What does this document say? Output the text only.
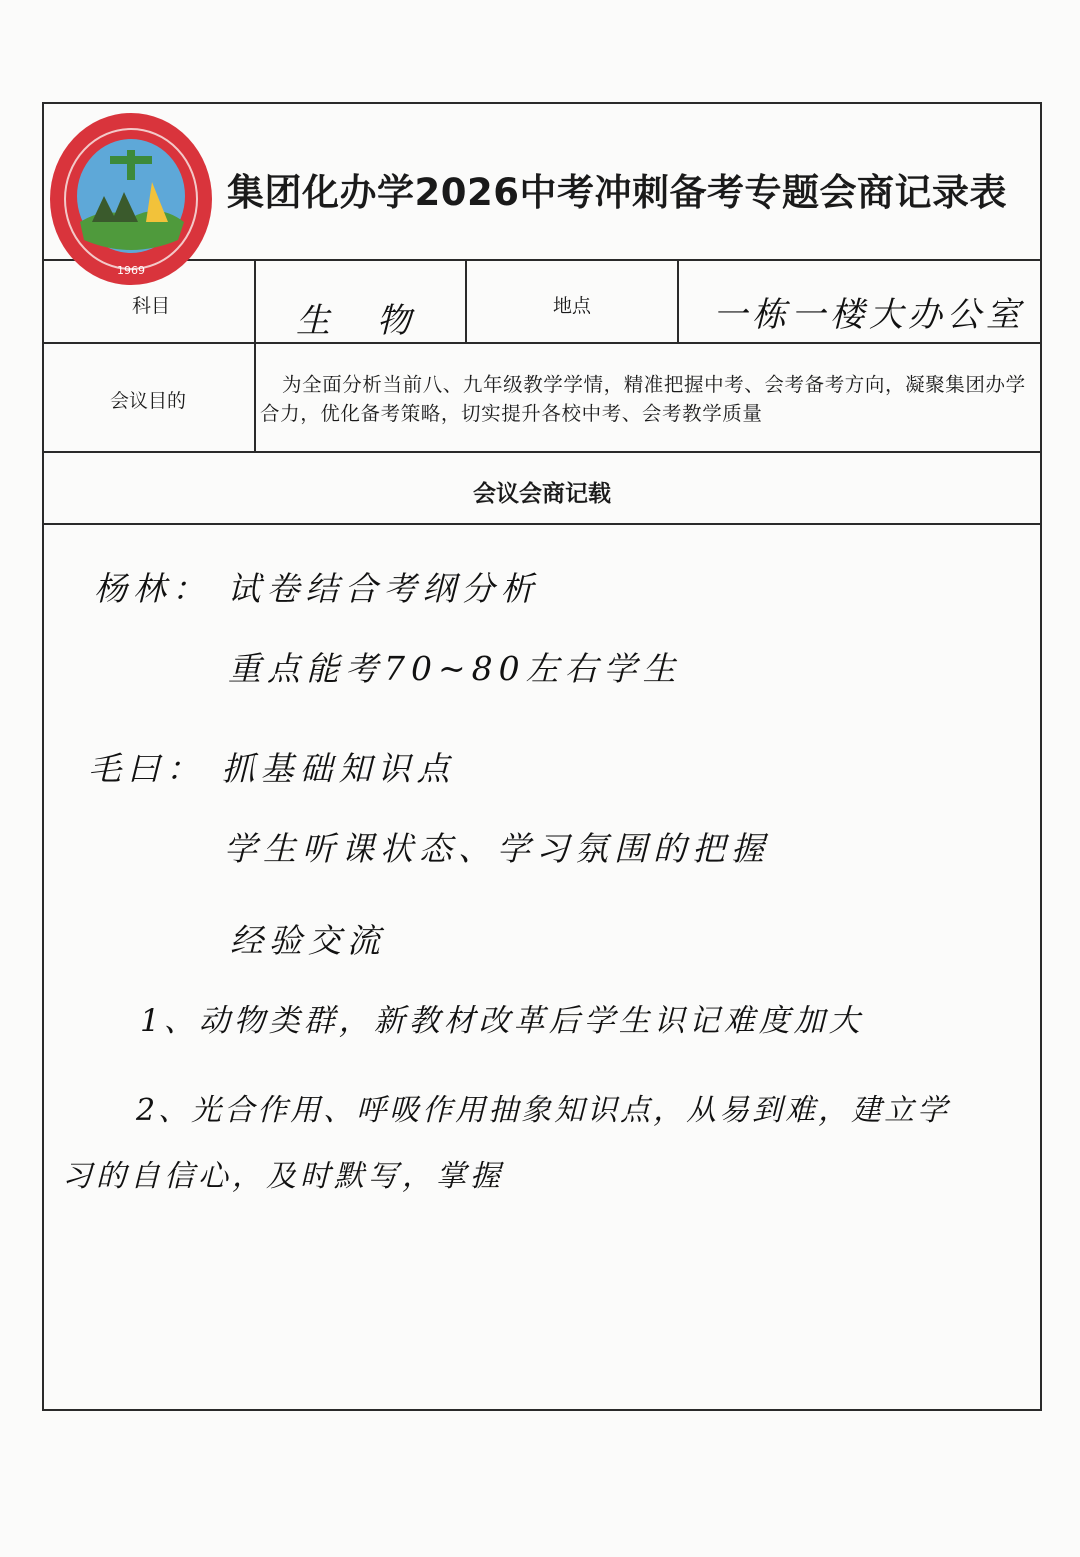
集团化办学2026中考冲刺备考专题会商记录表
科目	生 物	地点	一栋一楼大办公室
会议目的
为全面分析当前八、九年级教学学情，精准把握中考、会考备考方向，凝聚集团办学合力，优化备考策略，切实提升各校中考、会考教学质量
会议会商记载
杨林： 试卷结合考纲分析
重点能考70~80左右学生
毛曰： 抓基础知识点
学生听课状态、学习氛围的把握
经验交流
1、动物类群，新教材改革后学生识记难度加大
2、光合作用、呼吸作用抽象知识点，从易到难，建立学
习的自信心，及时默写，掌握
1969
